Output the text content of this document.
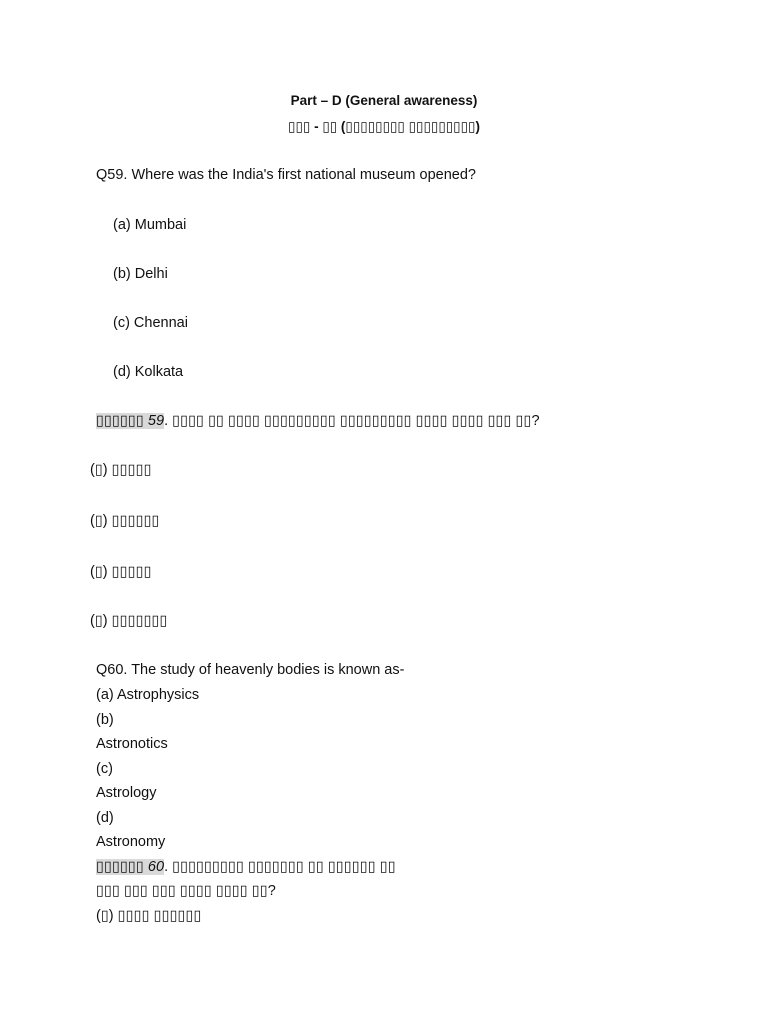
Part – D (General awareness)
▯▯▯ - ▯▯ (▯▯▯▯▯▯▯▯ ▯▯▯▯▯▯▯▯▯)
Q59. Where was the India's first national museum opened?
(a) Mumbai
(b) Delhi
(c) Chennai
(d) Kolkata
▯▯▯▯▯▯ 59. ▯▯▯▯ ▯▯ ▯▯▯▯ ▯▯▯▯▯▯▯▯▯ ▯▯▯▯▯▯▯▯▯ ▯▯▯▯ ▯▯▯▯ ▯▯▯ ▯▯?
(▯) ▯▯▯▯▯
(▯) ▯▯▯▯▯▯
(▯) ▯▯▯▯▯
(▯) ▯▯▯▯▯▯▯
Q60. The study of heavenly bodies is known as-
(a) Astrophysics
(b)
Astronotics
(c)
Astrology
(d)
Astronomy
▯▯▯▯▯▯ 60. ▯▯▯▯▯▯▯▯▯ ▯▯▯▯▯▯▯ ▯▯ ▯▯▯▯▯▯ ▯▯
▯▯▯ ▯▯▯ ▯▯▯ ▯▯▯▯ ▯▯▯▯ ▯▯?
(▯) ▯▯▯▯ ▯▯▯▯▯▯
